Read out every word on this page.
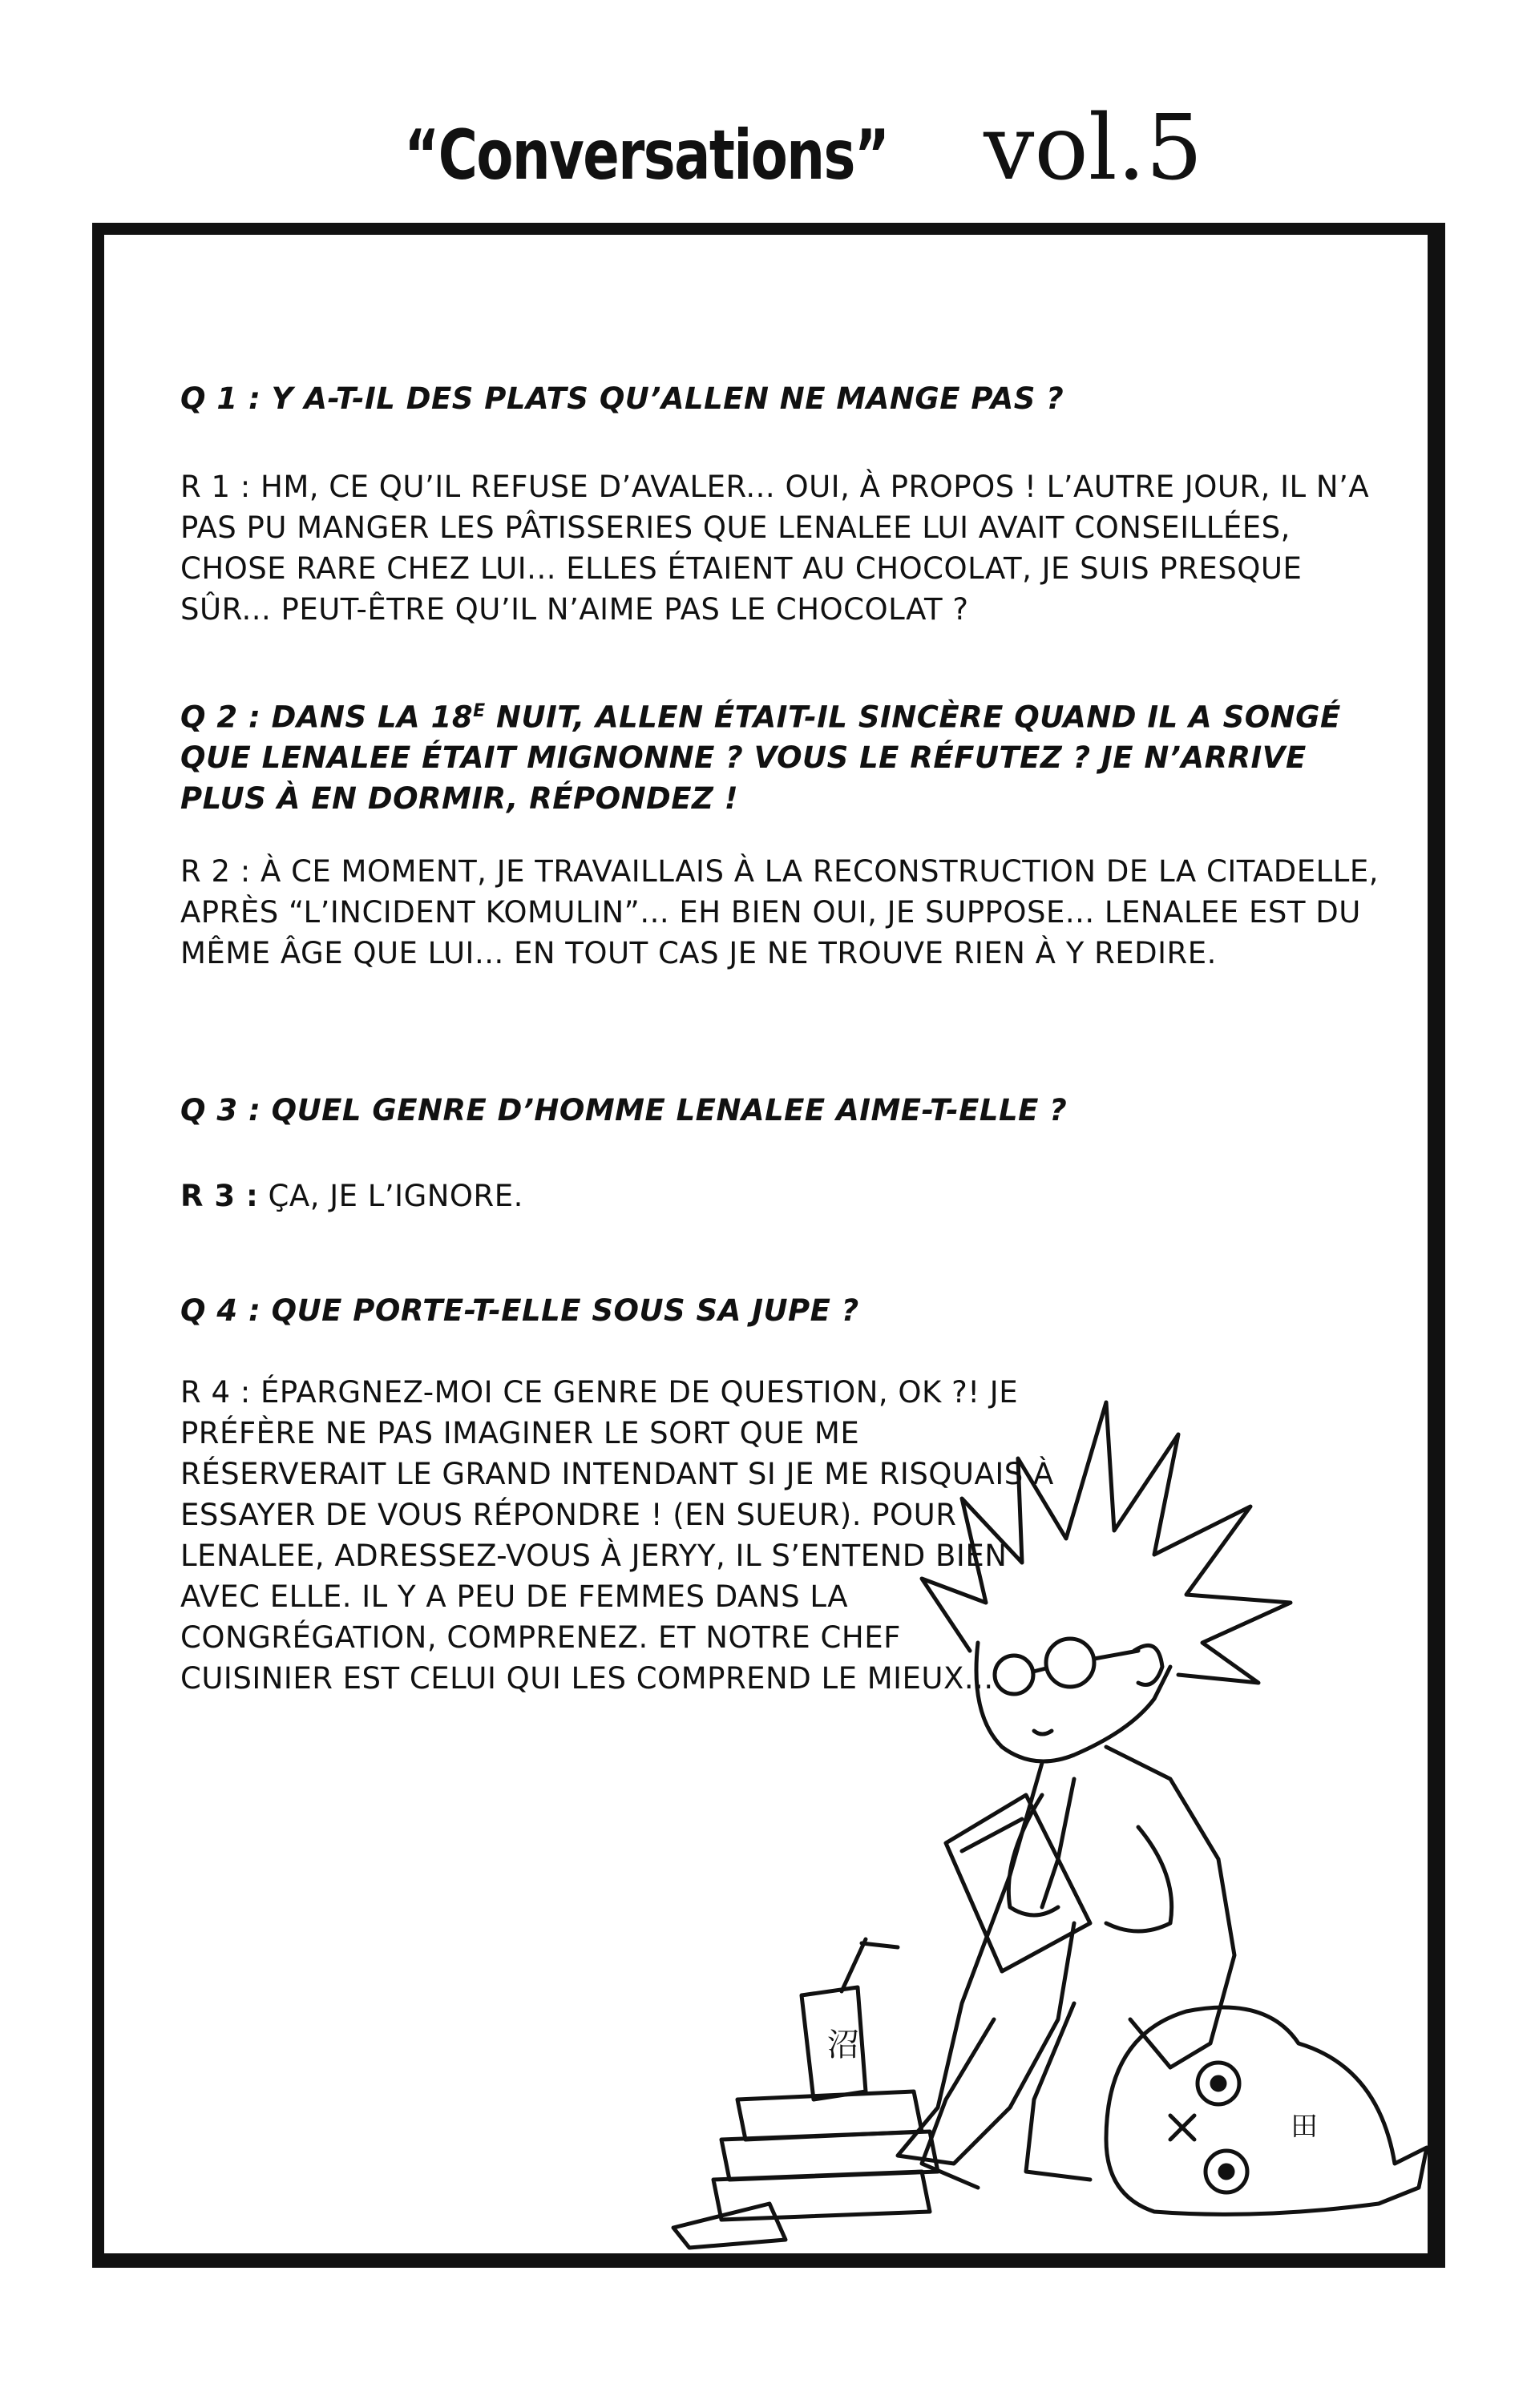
“Conversations” vol.5
Q 1 : Y A-T-IL DES PLATS QU’ALLEN NE MANGE PAS ?
R 1 : HM, CE QU’IL REFUSE D’AVALER... OUI, À PROPOS ! L’AUTRE JOUR, IL N’A PAS PU MANGER LES PÂTISSERIES QUE LENALEE LUI AVAIT CONSEILLÉES, CHOSE RARE CHEZ LUI... ELLES ÉTAIENT AU CHOCOLAT, JE SUIS PRESQUE SÛR... PEUT-ÊTRE QU’IL N’AIME PAS LE CHOCOLAT ?
Q 2 : DANS LA $18^E$ NUIT, ALLEN ÉTAIT-IL SINCÈRE QUAND IL A SONGÉ QUE LENALEE ÉTAIT MIGNONNE ? VOUS LE RÉFUTEZ ? JE N’ARRIVE PLUS À EN DORMIR, RÉPONDEZ !
R 2 : À CE MOMENT, JE TRAVAILLAIS À LA RECONSTRUCTION DE LA CITADELLE, APRÈS “L’INCIDENT KOMULIN”... EH BIEN OUI, JE SUPPOSE... LENALEE EST DU MÊME ÂGE QUE LUI... EN TOUT CAS JE NE TROUVE RIEN À Y REDIRE.
Q 3 : QUEL GENRE D’HOMME LENALEE AIME-T-ELLE ?
R 3 : ÇA, JE L’IGNORE.
Q 4 : QUE PORTE-T-ELLE SOUS SA JUPE ?
R 4 : ÉPARGNEZ-MOI CE GENRE DE QUESTION, OK ?! JE PRÉFÈRE NE PAS IMAGINER LE SORT QUE ME RÉSERVERAIT LE GRAND INTENDANT SI JE ME RISQUAIS À ESSAYER DE VOUS RÉPONDRE ! (EN SUEUR). POUR LENALEE, ADRESSEZ-VOUS À JERYY, IL S’ENTEND BIEN AVEC ELLE. IL Y A PEU DE FEMMES DANS LA CONGRÉGATION, COMPRENEZ. ET NOTRE CHEF CUISINIER EST CELUI QUI LES COMPREND LE MIEUX...
沼
田
